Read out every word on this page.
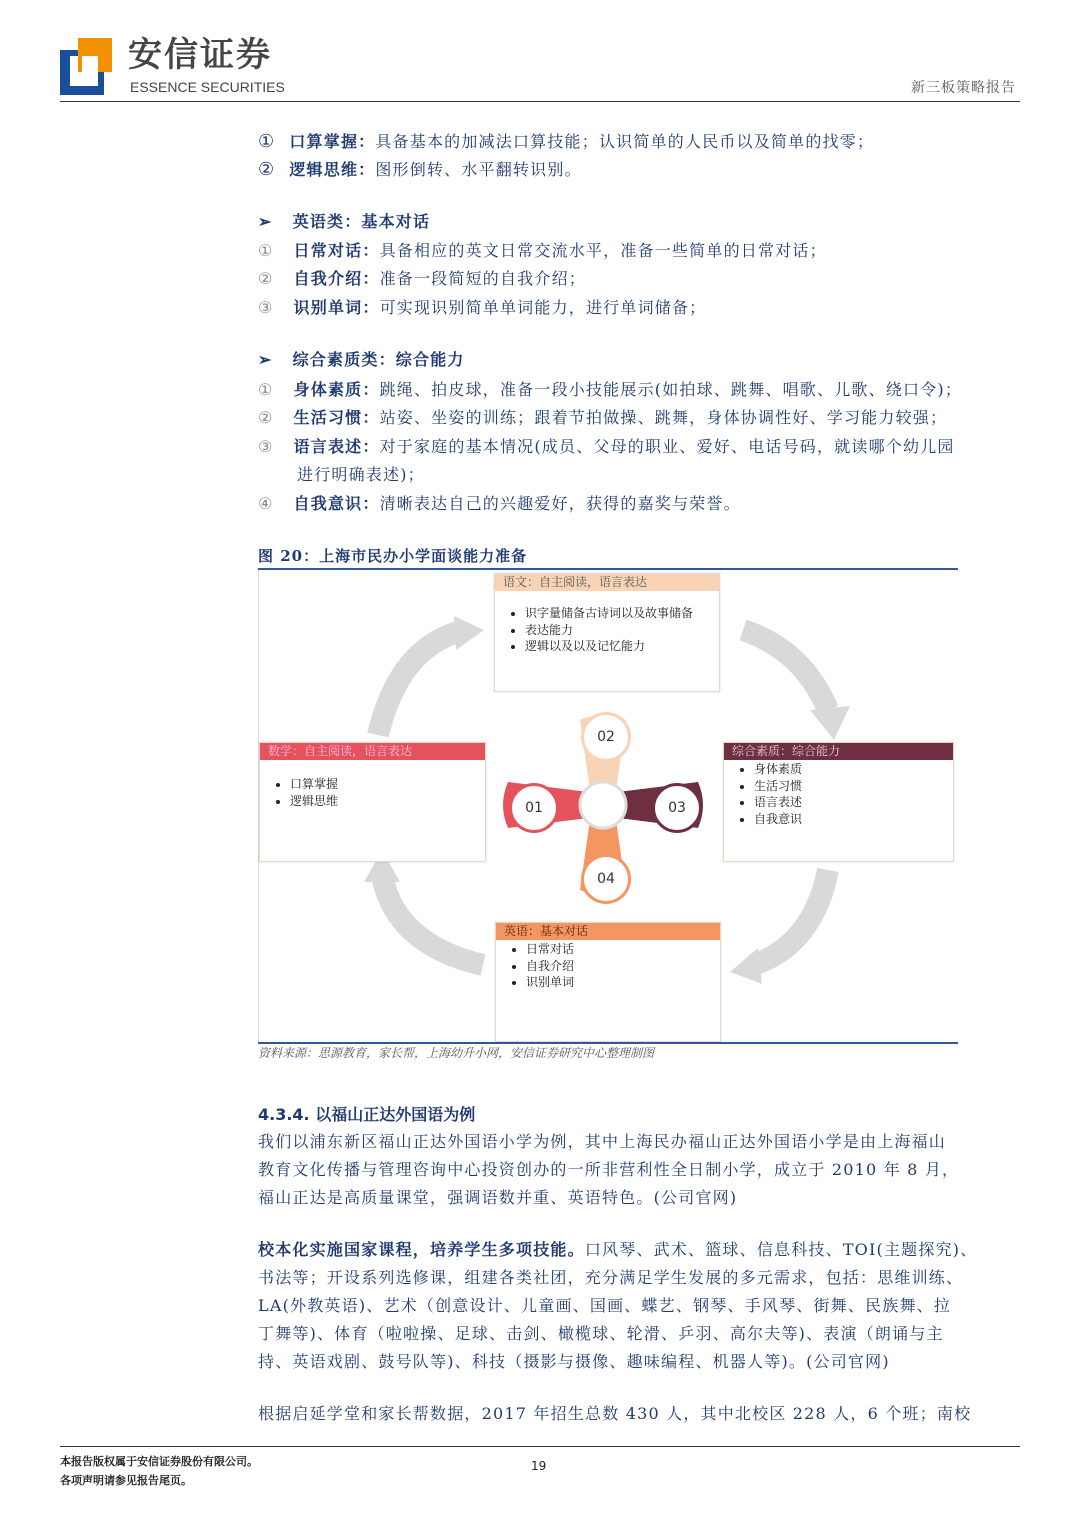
安信证券
ESSENCE SECURITIES	新三板策略报告
① 口算掌握：具备基本的加减法口算技能；认识简单的人民币以及简单的找零；
② 逻辑思维：图形倒转、水平翻转识别。
➢ 英语类：基本对话
① 日常对话：具备相应的英文日常交流水平，准备一些简单的日常对话；
② 自我介绍：准备一段简短的自我介绍；
③ 识别单词：可实现识别简单单词能力，进行单词储备；
➢ 综合素质类：综合能力
① 身体素质：跳绳、拍皮球，准备一段小技能展示(如拍球、跳舞、唱歌、儿歌、绕口令)；
② 生活习惯：站姿、坐姿的训练；跟着节拍做操、跳舞，身体协调性好、学习能力较强；
③ 语言表述：对于家庭的基本情况(成员、父母的职业、爱好、电话号码，就读哪个幼儿园
进行明确表述)；
④ 自我意识：清晰表达自己的兴趣爱好，获得的嘉奖与荣誉。
图 20：上海市民办小学面谈能力准备
02
01	03
04
语文：自主阅读，语言表达
• 识字量储备古诗词以及故事储备
• 表达能力
• 逻辑以及以及记忆能力
数学：自主阅读，语言表达
• 口算掌握
• 逻辑思维
综合素质：综合能力
• 身体素质
• 生活习惯
• 语言表述
• 自我意识
英语：基本对话
• 日常对话
• 自我介绍
• 识别单词
资料来源：思源教育，家长帮，上海幼升小网，安信证券研究中心整理制图
4.3.4. 以福山正达外国语为例
我们以浦东新区福山正达外国语小学为例，其中上海民办福山正达外国语小学是由上海福山
教育文化传播与管理咨询中心投资创办的一所非营利性全日制小学，成立于 2010 年 8 月，
福山正达是高质量课堂，强调语数并重、英语特色。(公司官网)
校本化实施国家课程，培养学生多项技能。口风琴、武术、篮球、信息科技、TOI(主题探究)、
书法等；开设系列选修课，组建各类社团，充分满足学生发展的多元需求，包括：思维训练、
LA(外教英语)、艺术（创意设计、儿童画、国画、蝶艺、钢琴、手风琴、街舞、民族舞、拉
丁舞等)、体育（啦啦操、足球、击剑、橄榄球、轮滑、乒羽、高尔夫等)、表演（朗诵与主
持、英语戏剧、鼓号队等)、科技（摄影与摄像、趣味编程、机器人等)。(公司官网)
根据启延学堂和家长帮数据，2017 年招生总数 430 人，其中北校区 228 人，6 个班；南校
本报告版权属于安信证券股份有限公司。
各项声明请参见报告尾页。
19
